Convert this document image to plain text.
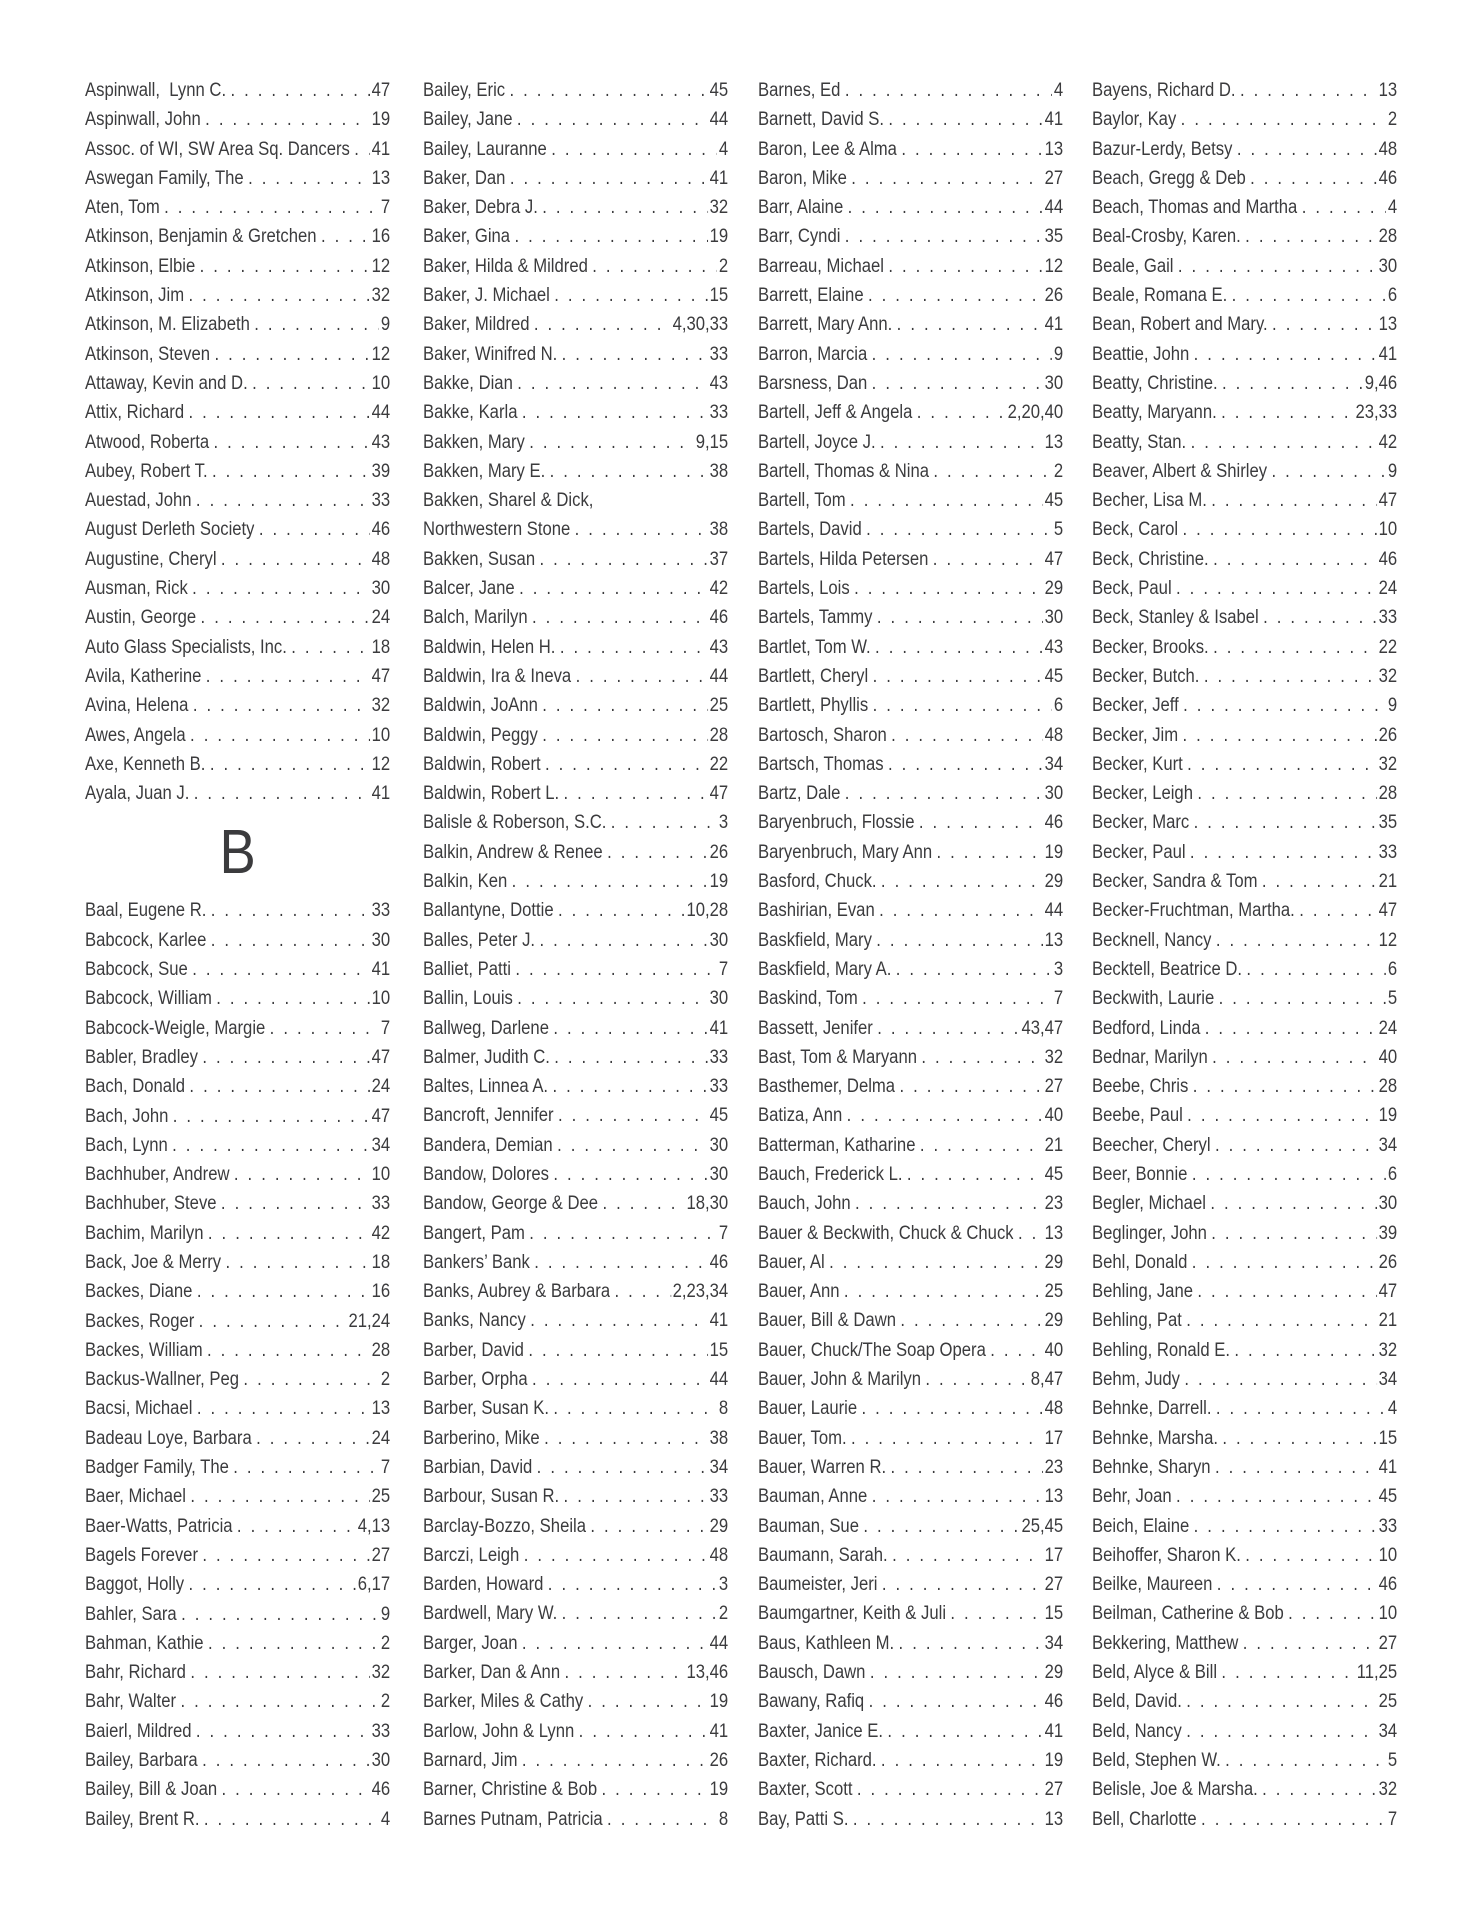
Aspinwall,  Lynn C. . . .	47
Aspinwall, John . . .	19
Assoc. of WI, SW Area Sq. Dancers . . . 41
Aswegan Family, The . . .	13
Aten, Tom . . .	7
Atkinson, Benjamin & Gretchen . . .	16
Atkinson, Elbie . . .	12
Atkinson, Jim . . .	32
Atkinson, M. Elizabeth . . .	9
Atkinson, Steven . . .	12
Attaway, Kevin and D. . . .	10
Attix, Richard . . .	44
Atwood, Roberta . . .	43
Aubey, Robert T. . . .	39
Auestad, John . . .	33
August Derleth Society . . .	46
Augustine, Cheryl . . .	48
Ausman, Rick . . .	30
Austin, George . . .	24
Auto Glass Specialists, Inc. . . .	18
Avila, Katherine . . .	47
Avina, Helena . . .	32
Awes, Angela . . .	10
Axe, Kenneth B. . . .	12
Ayala, Juan J. . . .	41
B
Baal, Eugene R. . . .	33
Babcock, Karlee . . .	30
Babcock, Sue . . .	41
Babcock, William . . .	10
Babcock-Weigle, Margie . . .	7
Babler, Bradley . . .	47
Bach, Donald . . .	24
Bach, John . . .	47
Bach, Lynn . . .	34
Bachhuber, Andrew . . .	10
Bachhuber, Steve . . .	33
Bachim, Marilyn . . .	42
Back, Joe & Merry . . .	18
Backes, Diane . . .	16
Backes, Roger . . .	21,24
Backes, William . . .	28
Backus-Wallner, Peg . . .	2
Bacsi, Michael . . .	13
Badeau Loye, Barbara . . .	24
Badger Family, The . . .	7
Baer, Michael . . .	25
Baer-Watts, Patricia . . .	4,13
Bagels Forever . . .	27
Baggot, Holly . . .	6,17
Bahler, Sara . . .	9
Bahman, Kathie . . .	2
Bahr, Richard . . .	32
Bahr, Walter . . .	2
Baierl, Mildred . . .	33
Bailey, Barbara . . .	30
Bailey, Bill & Joan . . .	46
Bailey, Brent R. . . .	4
Bailey, Eric . . .	45
Bailey, Jane . . .	44
Bailey, Lauranne . . .	4
Baker, Dan . . .	41
Baker, Debra J. . . .	32
Baker, Gina . . .	19
Baker, Hilda & Mildred . . .	2
Baker, J. Michael . . .	15
Baker, Mildred . . .	4,30,33
Baker, Winifred N. . . .	33
Bakke, Dian . . .	43
Bakke, Karla . . .	33
Bakken, Mary . . .	9,15
Bakken, Mary E. . . .	38
Bakken, Sharel & Dick,
Northwestern Stone . . .	38
Bakken, Susan . . .	37
Balcer, Jane . . .	42
Balch, Marilyn . . .	46
Baldwin, Helen H. . . .	43
Baldwin, Ira & Ineva . . .	44
Baldwin, JoAnn . . .	25
Baldwin, Peggy . . .	28
Baldwin, Robert . . .	22
Baldwin, Robert L. . . .	47
Balisle & Roberson, S.C. . . .	3
Balkin, Andrew & Renee . . .	26
Balkin, Ken . . .	19
Ballantyne, Dottie . . .	10,28
Balles, Peter J. . . .	30
Balliet, Patti . . .	7
Ballin, Louis . . .	30
Ballweg, Darlene . . .	41
Balmer, Judith C. . . .	33
Baltes, Linnea A. . . .	33
Bancroft, Jennifer . . .	45
Bandera, Demian . . .	30
Bandow, Dolores . . .	30
Bandow, George & Dee . . .	18,30
Bangert, Pam . . .	7
Bankers’ Bank . . .	46
Banks, Aubrey & Barbara . . .	2,23,34
Banks, Nancy . . .	41
Barber, David . . .	15
Barber, Orpha . . .	44
Barber, Susan K. . . .	8
Barberino, Mike . . .	38
Barbian, David . . .	34
Barbour, Susan R. . . .	33
Barclay-Bozzo, Sheila . . .	29
Barczi, Leigh . . .	48
Barden, Howard . . .	3
Bardwell, Mary W. . . .	2
Barger, Joan . . .	44
Barker, Dan & Ann . . .	13,46
Barker, Miles & Cathy . . .	19
Barlow, John & Lynn . . .	41
Barnard, Jim . . .	26
Barner, Christine & Bob . . .	19
Barnes Putnam, Patricia . . .	8
Barnes, Ed . . .	4
Barnett, David S. . . .	41
Baron, Lee & Alma . . .	13
Baron, Mike . . .	27
Barr, Alaine . . .	44
Barr, Cyndi . . .	35
Barreau, Michael . . .	12
Barrett, Elaine . . .	26
Barrett, Mary Ann. . . .	41
Barron, Marcia . . .	9
Barsness, Dan . . .	30
Bartell, Jeff & Angela . . .	2,20,40
Bartell, Joyce J. . . .	13
Bartell, Thomas & Nina . . .	2
Bartell, Tom . . .	45
Bartels, David . . .	5
Bartels, Hilda Petersen . . .	47
Bartels, Lois . . .	29
Bartels, Tammy . . .	30
Bartlet, Tom W. . . .	43
Bartlett, Cheryl . . .	45
Bartlett, Phyllis . . .	6
Bartosch, Sharon . . .	48
Bartsch, Thomas . . .	34
Bartz, Dale . . .	30
Baryenbruch, Flossie . . .	46
Baryenbruch, Mary Ann . . .	19
Basford, Chuck. . . .	29
Bashirian, Evan . . .	44
Baskfield, Mary . . .	13
Baskfield, Mary A. . . .	3
Baskind, Tom . . .	7
Bassett, Jenifer . . .	43,47
Bast, Tom & Maryann . . .	32
Basthemer, Delma . . .	27
Batiza, Ann . . .	40
Batterman, Katharine . . .	21
Bauch, Frederick L. . . .	45
Bauch, John . . .	23
Bauer & Beckwith, Chuck & Chuck . . . 13
Bauer, Al . . .	29
Bauer, Ann . . .	25
Bauer, Bill & Dawn . . .	29
Bauer, Chuck/The Soap Opera . . .	40
Bauer, John & Marilyn . . .	8,47
Bauer, Laurie . . .	48
Bauer, Tom. . . .	17
Bauer, Warren R. . . .	23
Bauman, Anne . . .	13
Bauman, Sue . . .	25,45
Baumann, Sarah. . . .	17
Baumeister, Jeri . . .	27
Baumgartner, Keith & Juli . . .	15
Baus, Kathleen M. . . .	34
Bausch, Dawn . . .	29
Bawany, Rafiq . . .	46
Baxter, Janice E. . . .	41
Baxter, Richard. . . .	19
Baxter, Scott . . .	27
Bay, Patti S. . . .	13
Bayens, Richard D. . . .	13
Baylor, Kay . . .	2
Bazur-Lerdy, Betsy . . .	48
Beach, Gregg & Deb . . .	46
Beach, Thomas and Martha . . .	4
Beal-Crosby, Karen. . . .	28
Beale, Gail . . .	30
Beale, Romana E. . . .	6
Bean, Robert and Mary. . . .	13
Beattie, John . . .	41
Beatty, Christine. . . .	9,46
Beatty, Maryann. . . .	23,33
Beatty, Stan. . . .	42
Beaver, Albert & Shirley . . .	9
Becher, Lisa M. . . .	47
Beck, Carol . . .	10
Beck, Christine. . . .	46
Beck, Paul . . .	24
Beck, Stanley & Isabel . . .	33
Becker, Brooks. . . .	22
Becker, Butch. . . .	32
Becker, Jeff . . .	9
Becker, Jim . . .	26
Becker, Kurt . . .	32
Becker, Leigh . . .	28
Becker, Marc . . .	35
Becker, Paul . . .	33
Becker, Sandra & Tom . . .	21
Becker-Fruchtman, Martha. . . .	47
Becknell, Nancy . . .	12
Becktell, Beatrice D. . . .	6
Beckwith, Laurie . . .	5
Bedford, Linda . . .	24
Bednar, Marilyn . . .	40
Beebe, Chris . . .	28
Beebe, Paul . . .	19
Beecher, Cheryl . . .	34
Beer, Bonnie . . .	6
Begler, Michael . . .	30
Beglinger, John . . .	39
Behl, Donald . . .	26
Behling, Jane . . .	47
Behling, Pat . . .	21
Behling, Ronald E. . . .	32
Behm, Judy . . .	34
Behnke, Darrell. . . .	4
Behnke, Marsha. . . .	15
Behnke, Sharyn . . .	41
Behr, Joan . . .	45
Beich, Elaine . . .	33
Beihoffer, Sharon K. . . .	10
Beilke, Maureen . . .	46
Beilman, Catherine & Bob . . .	10
Bekkering, Matthew . . .	27
Beld, Alyce & Bill . . .	11,25
Beld, David. . . .	25
Beld, Nancy . . .	34
Beld, Stephen W. . . .	5
Belisle, Joe & Marsha. . . .	32
Bell, Charlotte . . .	7
